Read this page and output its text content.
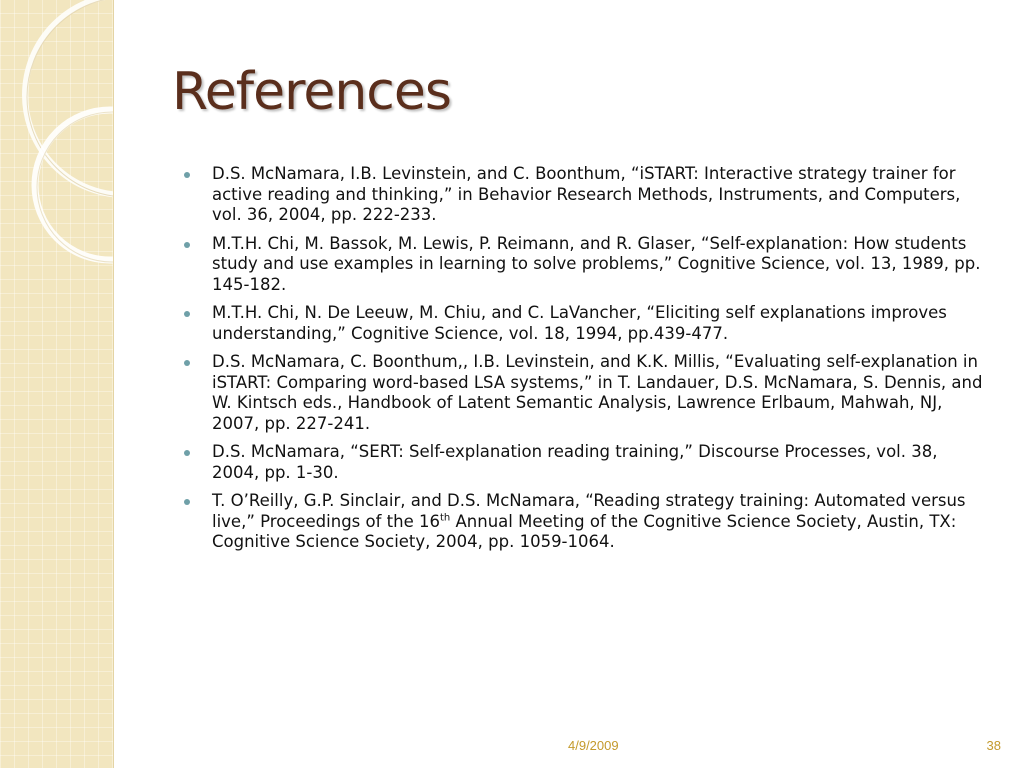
References
D.S. McNamara, I.B. Levinstein, and C. Boonthum, “iSTART: Interactive strategy trainer for active reading and thinking,” in Behavior Research Methods, Instruments, and Computers, vol. 36, 2004, pp. 222-233.
M.T.H. Chi, M. Bassok, M. Lewis, P. Reimann, and R. Glaser, “Self-explanation: How students study and use examples in learning to solve problems,” Cognitive Science, vol. 13, 1989, pp. 145-182.
M.T.H. Chi, N. De Leeuw, M. Chiu, and C. LaVancher, “Eliciting self explanations improves understanding,” Cognitive Science, vol. 18, 1994, pp.439-477.
D.S. McNamara, C. Boonthum,, I.B. Levinstein, and K.K. Millis, “Evaluating self-explanation in iSTART: Comparing word-based LSA systems,” in T. Landauer, D.S. McNamara, S. Dennis, and W. Kintsch eds., Handbook of Latent Semantic Analysis, Lawrence Erlbaum, Mahwah, NJ, 2007, pp. 227-241.
D.S. McNamara, “SERT: Self-explanation reading training,” Discourse Processes, vol. 38, 2004, pp. 1-30.
T. O’Reilly, G.P. Sinclair, and D.S. McNamara, “Reading strategy training: Automated versus live,” Proceedings of the 16th Annual Meeting of the Cognitive Science Society, Austin, TX: Cognitive Science Society, 2004, pp. 1059-1064.
4/9/2009	38
